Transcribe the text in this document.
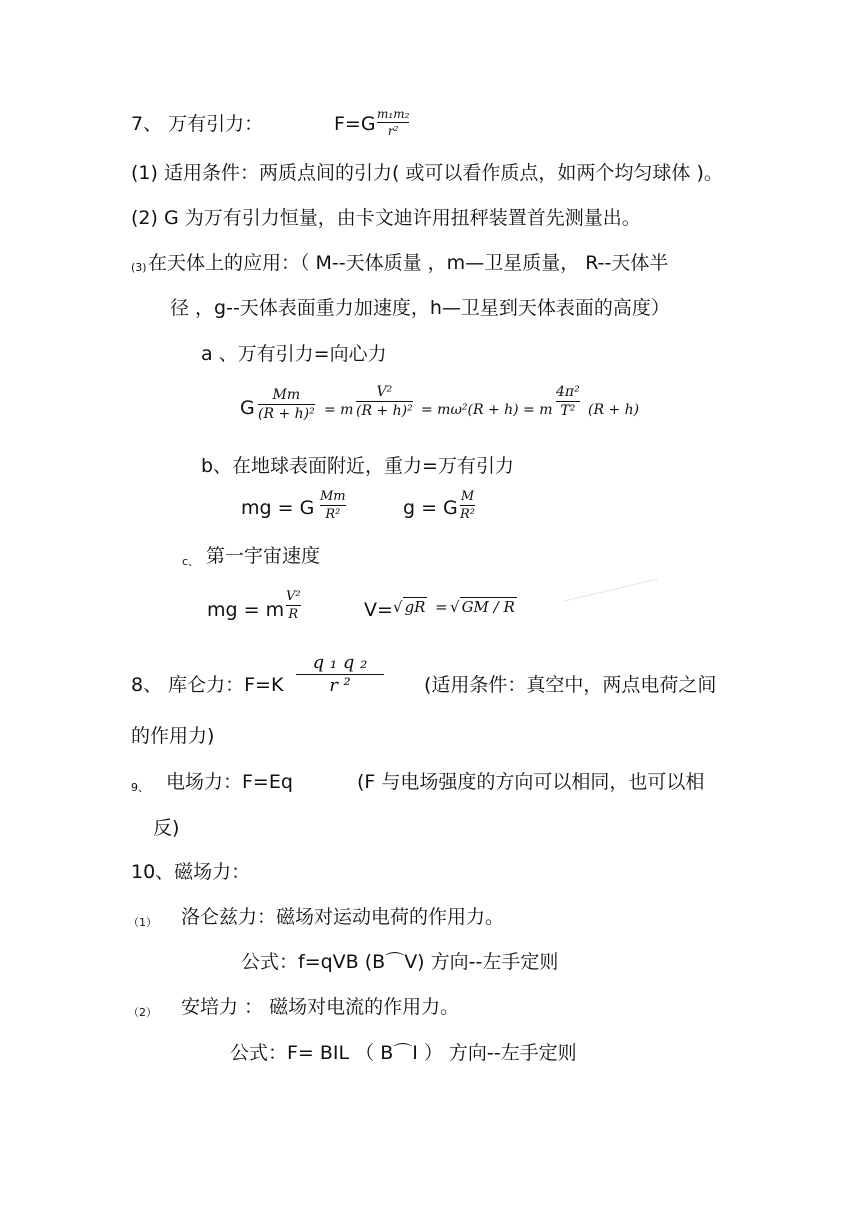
7、 万有引力：	F=G m₁m₂
r²
(1) 适用条件：两质点间的引力( 或可以看作质点，如两个均匀球体 )。
(2) G 为万有引力恒量，由卡文迪许用扭秤装置首先测量出。
(3) 在天体上的应用：（ M--天体质量 ，m—卫星质量， R--天体半
径 ，g--天体表面重力加速度，h—卫星到天体表面的高度）
a 、万有引力=向心力
G
Mm
(R + h)² = m
V²
(R + h)² = mω²(R + h) = m
4π²
T² (R + h)
b、在地球表面附近，重力=万有引力
mg = G
Mm
R²	g = G
M
R²
c、 第一宇宙速度
mg = m
V²
R	V= √ gR = √ GM / R
8、 库仑力：F=K
q ₁ q ₂
r ²	(适用条件：真空中，两点电荷之间
的作用力)
9、 电场力：F=Eq	(F 与电场强度的方向可以相同，也可以相
反)
10、磁场力：
（1） 洛仑兹力：磁场对运动电荷的作用力。
公式：f=qVB (B⌒V) 方向--左手定则
（2） 安培力 ： 磁场对电流的作用力。
公式：F= BIL （ B⌒I ） 方向--左手定则
